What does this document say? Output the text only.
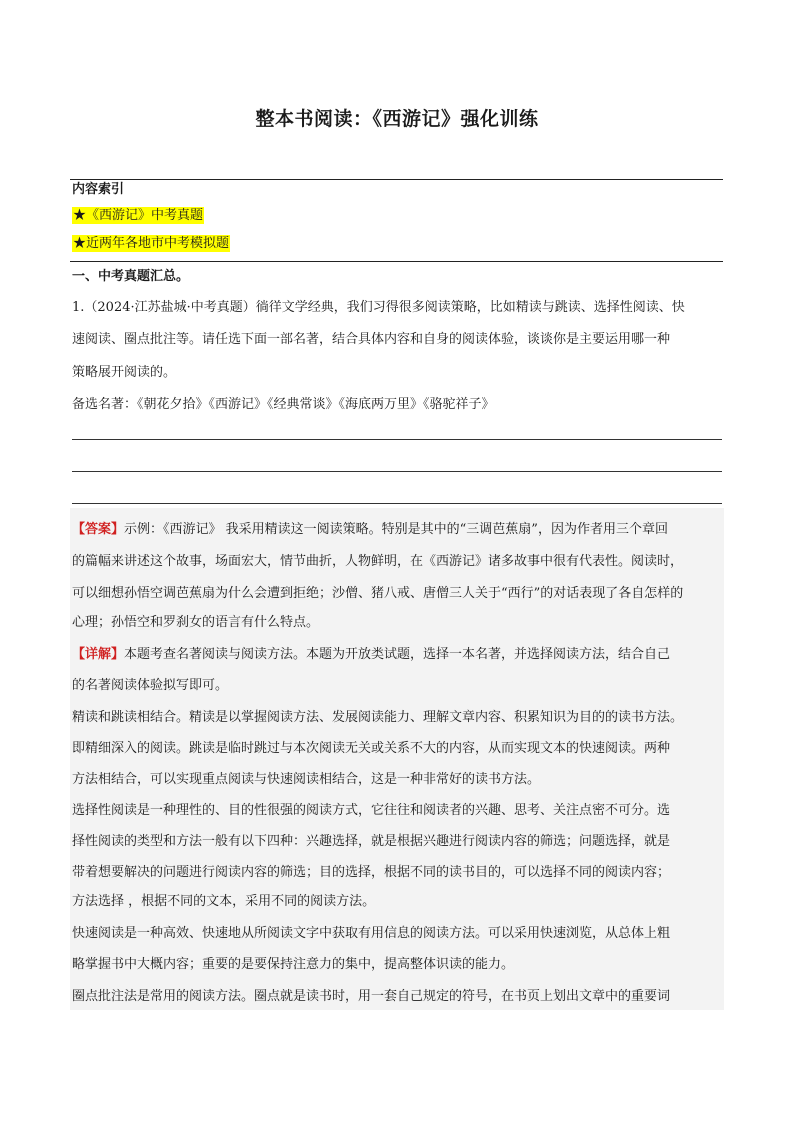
整本书阅读：《西游记》强化训练
内容索引
★《西游记》中考真题
★近两年各地市中考模拟题
一、中考真题汇总。
1.（2024·江苏盐城·中考真题）徜徉文学经典，我们习得很多阅读策略，比如精读与跳读、选择性阅读、快
速阅读、圈点批注等。请任选下面一部名著，结合具体内容和自身的阅读体验，谈谈你是主要运用哪一种
策略展开阅读的。
备选名著：《朝花夕拾》《西游记》《经典常谈》《海底两万里》《骆驼祥子》
【答案】示例：《西游记》 我采用精读这一阅读策略。特别是其中的“三调芭蕉扇”，因为作者用三个章回
的篇幅来讲述这个故事，场面宏大，情节曲折，人物鲜明，在《西游记》诸多故事中很有代表性。阅读时，
可以细想孙悟空调芭蕉扇为什么会遭到拒绝；沙僧、猪八戒、唐僧三人关于“西行”的对话表现了各自怎样的
心理；孙悟空和罗刹女的语言有什么特点。
【详解】本题考查名著阅读与阅读方法。本题为开放类试题，选择一本名著，并选择阅读方法，结合自己
的名著阅读体验拟写即可。
精读和跳读相结合。精读是以掌握阅读方法、发展阅读能力、理解文章内容、积累知识为目的的读书方法。
即精细深入的阅读。跳读是临时跳过与本次阅读无关或关系不大的内容，从而实现文本的快速阅读。两种
方法相结合，可以实现重点阅读与快速阅读相结合，这是一种非常好的读书方法。
选择性阅读是一种理性的、目的性很强的阅读方式，它往往和阅读者的兴趣、思考、关注点密不可分。选
择性阅读的类型和方法一般有以下四种：兴趣选择，就是根据兴趣进行阅读内容的筛选；问题选择，就是
带着想要解决的问题进行阅读内容的筛选；目的选择，根据不同的读书目的，可以选择不同的阅读内容；
方法选择 ，根据不同的文本，采用不同的阅读方法。
快速阅读是一种高效、快速地从所阅读文字中获取有用信息的阅读方法。可以采用快速浏览，从总体上粗
略掌握书中大概内容；重要的是要保持注意力的集中，提高整体识读的能力。
圈点批注法是常用的阅读方法。圈点就是读书时，用一套自己规定的符号，在书页上划出文章中的重要词
